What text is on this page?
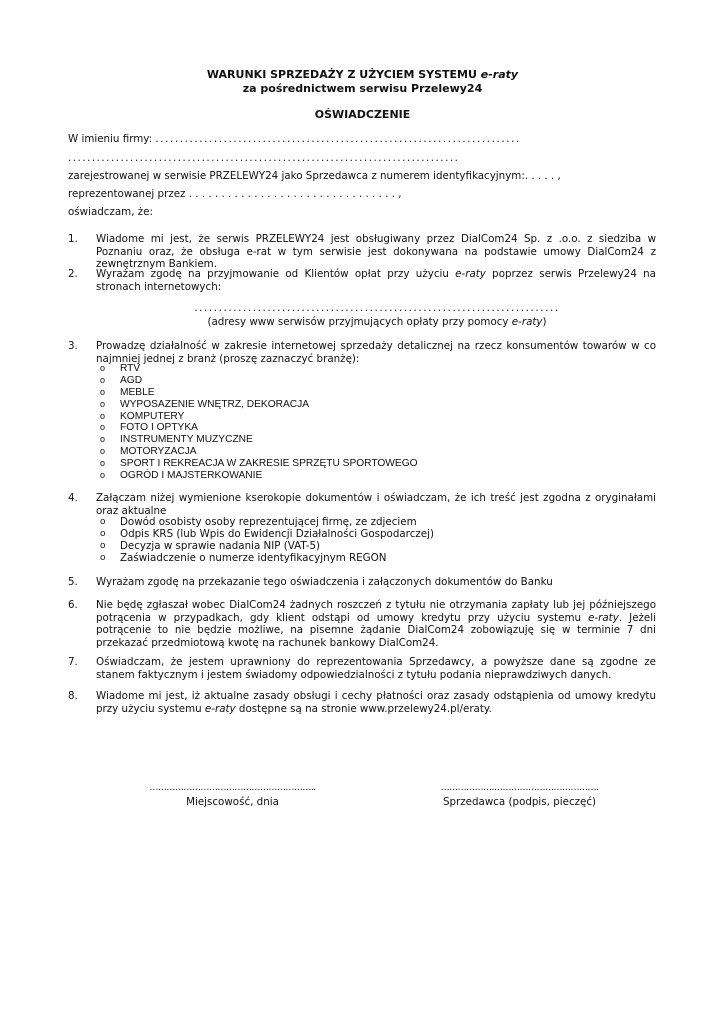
WARUNKI SPRZEDAŻY Z UŻYCIEM SYSTEMU e-raty
za pośrednictwem serwisu Przelewy24
OŚWIADCZENIE
W imieniu firmy: ...........................................................................
..................................................................................
zarejestrowanej w serwisie PRZELEWY24 jako Sprzedawca z numerem identyfikacyjnym:. . . . . ,
reprezentowanej przez . . . . . . . . . . . . . . . . . . . . . . . . . . . . . . . . ,
oświadczam, że:
1.	Wiadome mi jest, że serwis PRZELEWY24 jest obsługiwany przez DialCom24 Sp. z .o.o. z siedziba w Poznaniu oraz, że obsługa e-rat w tym serwisie jest dokonywana na podstawie umowy DialCom24 z zewnętrznym Bankiem.
2.	Wyrażam zgodę na przyjmowanie od Klientów opłat przy użyciu e-raty poprzez serwis Przelewy24 na stronach internetowych:
...........................................................................
(adresy www serwisów przyjmujących opłaty przy pomocy e-raty)
3.	Prowadzę działalność w zakresie internetowej sprzedaży detalicznej na rzecz konsumentów towarów w co najmniej jednej z branż (proszę zaznaczyć branżę):
o	RTV
o	AGD
o	MEBLE
o	WYPOSAZENIE WNĘTRZ, DEKORACJA
o	KOMPUTERY
o	FOTO I OPTYKA
o	INSTRUMENTY MUZYCZNE
o	MOTORYZACJA
o	SPORT I REKREACJA W ZAKRESIE SPRZĘTU SPORTOWEGO
o	OGRÓD I MAJSTERKOWANIE
4.	Załączam niżej wymienione kserokopie dokumentów i oświadczam, że ich treść jest zgodna z oryginałami oraz aktualne
o	Dowód osobisty osoby reprezentującej firmę, ze zdjeciem
o	Odpis KRS (lub Wpis do Ewidencji Działalności Gospodarczej)
o	Decyzja w sprawie nadania NIP (VAT-5)
o	Zaświadczenie o numerze identyfikacyjnym REGON
5.	Wyrażam zgodę na przekazanie tego oświadczenia i załączonych dokumentów do Banku
6.	Nie będę zgłaszał wobec DialCom24 żadnych roszczeń z tytułu nie otrzymania zapłaty lub jej późniejszego potrącenia w przypadkach, gdy klient odstąpi od umowy kredytu przy użyciu systemu e-raty. Jeżeli potrącenie to nie będzie możliwe, na pisemne żądanie DialCom24 zobowiązuję się w terminie 7 dni przekazać przedmiotową kwotę na rachunek bankowy DialCom24.
7.	Oświadczam, że jestem uprawniony do reprezentowania Sprzedawcy, a powyższe dane są zgodne ze stanem faktycznym i jestem świadomy odpowiedzialności z tytułu podania nieprawdziwych danych.
8.	Wiadome mi jest, iż aktualne zasady obsługi i cechy płatności oraz zasady odstąpienia od umowy kredytu przy użyciu systemu e-raty dostępne są na stronie www.przelewy24.pl/eraty.
…………………………………………………..
Miejscowość, dnia
……………….……………………………….
Sprzedawca (podpis, pieczęć)
